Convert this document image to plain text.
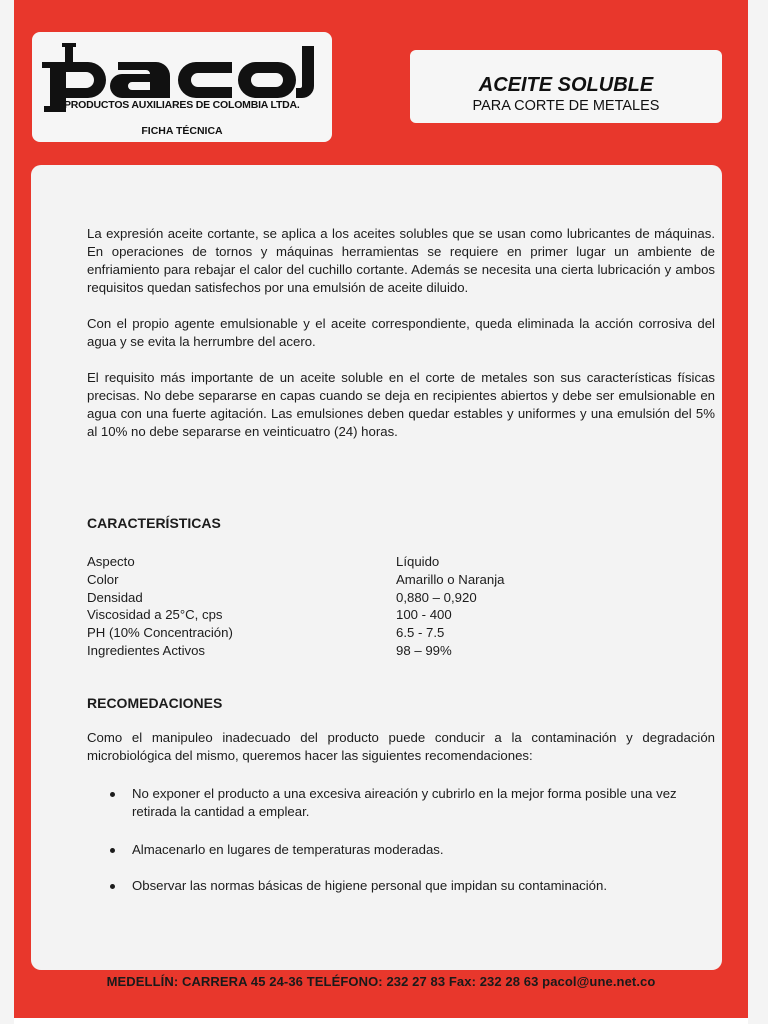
PRODUCTOS AUXILIARES DE COLOMBIA LTDA.
FICHA TÉCNICA
ACEITE SOLUBLE
PARA CORTE DE METALES
La expresión aceite cortante, se aplica a los aceites solubles que se usan como lubricantes de máquinas. En operaciones de tornos y máquinas herramientas se requiere en primer lugar un ambiente de enfriamiento para rebajar el calor del cuchillo cortante. Además se necesita una cierta lubricación y ambos requisitos quedan satisfechos por una emulsión de aceite diluido.
Con el propio agente emulsionable y el aceite correspondiente, queda eliminada la acción corrosiva del agua y se evita la herrumbre del acero.
El requisito más importante de un aceite soluble en el corte de metales son sus características físicas precisas. No debe separarse en capas cuando se deja en recipientes abiertos y debe ser emulsionable en agua con una fuerte agitación. Las emulsiones deben quedar estables y uniformes y una emulsión del 5% al 10% no debe separarse en veinticuatro (24) horas.
CARACTERÍSTICAS
Aspecto	Líquido
Color	Amarillo o Naranja
Densidad	0,880 – 0,920
Viscosidad a 25°C, cps	100 - 400
PH (10% Concentración)	6.5 - 7.5
Ingredientes Activos	98 – 99%
RECOMEDACIONES
Como el manipuleo inadecuado del producto puede conducir a la contaminación y degradación microbiológica del mismo, queremos hacer las siguientes recomendaciones:
No exponer el producto a una excesiva aireación y cubrirlo en la mejor forma posible una vez retirada la cantidad a emplear.
Almacenarlo en lugares de temperaturas moderadas.
Observar las normas básicas de higiene personal que impidan su contaminación.
MEDELLÍN: CARRERA 45 24-36 TELÉFONO: 232 27 83 Fax: 232 28 63 pacol@une.net.co
